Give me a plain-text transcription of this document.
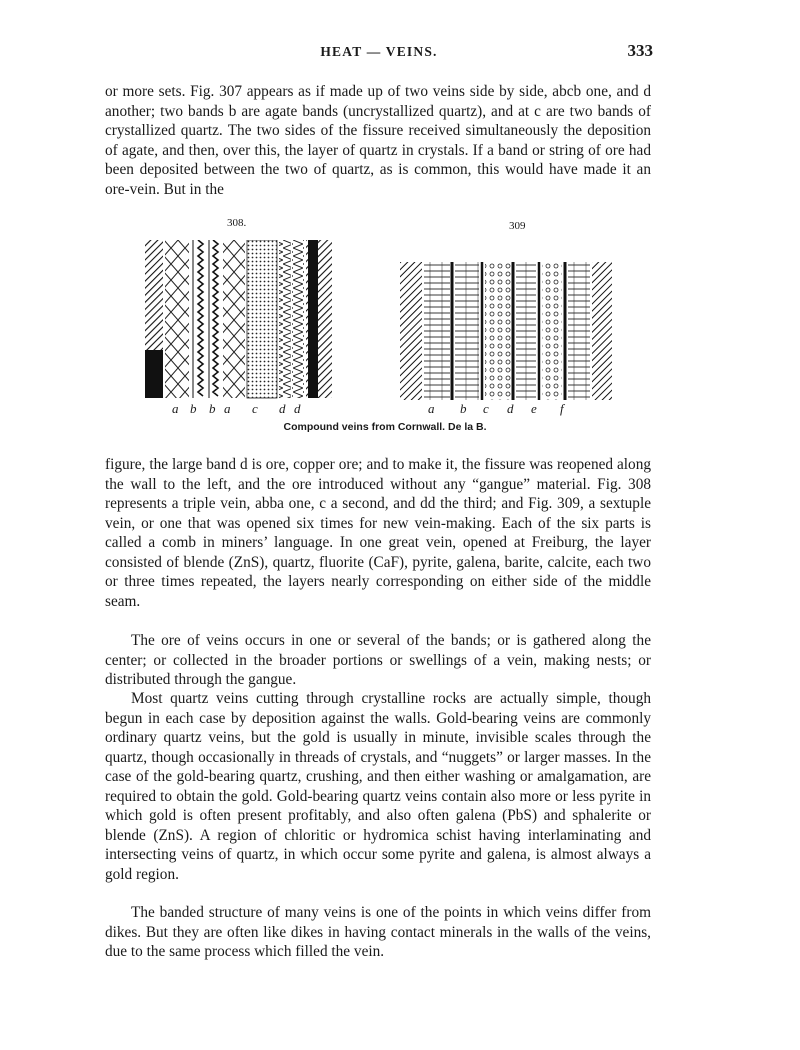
HEAT — VEINS.	333

or more sets. Fig. 307 appears as if made up of two veins side by side, abcb one, and d another; two bands b are agate bands (uncrystallized quartz), and at c are two bands of crystallized quartz. The two sides of the fissure received simultaneously the deposition of agate, and then, over this, the layer of quartz in crystals. If a band or string of ore had been deposited between the two of quartz, as is common, this would have made it an ore-vein. But in the

308.
a b b a c d d
309
a b c d e f
Compound veins from Cornwall. De la B.

figure, the large band d is ore, copper ore; and to make it, the fissure was reopened along the wall to the left, and the ore introduced without any “gangue” material. Fig. 308 represents a triple vein, abba one, c a second, and dd the third; and Fig. 309, a sextuple vein, or one that was opened six times for new vein-making. Each of the six parts is called a comb in miners’ language. In one great vein, opened at Freiburg, the layer consisted of blende (ZnS), quartz, fluorite (CaF), pyrite, galena, barite, calcite, each two or three times repeated, the layers nearly corresponding on either side of the middle seam.

The ore of veins occurs in one or several of the bands; or is gathered along the center; or collected in the broader portions or swellings of a vein, making nests; or distributed through the gangue.

Most quartz veins cutting through crystalline rocks are actually simple, though begun in each case by deposition against the walls. Gold-bearing veins are commonly ordinary quartz veins, but the gold is usually in minute, invisible scales through the quartz, though occasionally in threads of crystals, and “nuggets” or larger masses. In the case of the gold-bearing quartz, crushing, and then either washing or amalgamation, are required to obtain the gold. Gold-bearing quartz veins contain also more or less pyrite in which gold is often present profitably, and also often galena (PbS) and sphalerite or blende (ZnS). A region of chloritic or hydromica schist having interlaminating and intersecting veins of quartz, in which occur some pyrite and galena, is almost always a gold region.

The banded structure of many veins is one of the points in which veins differ from dikes. But they are often like dikes in having contact minerals in the walls of the veins, due to the same process which filled the vein.
